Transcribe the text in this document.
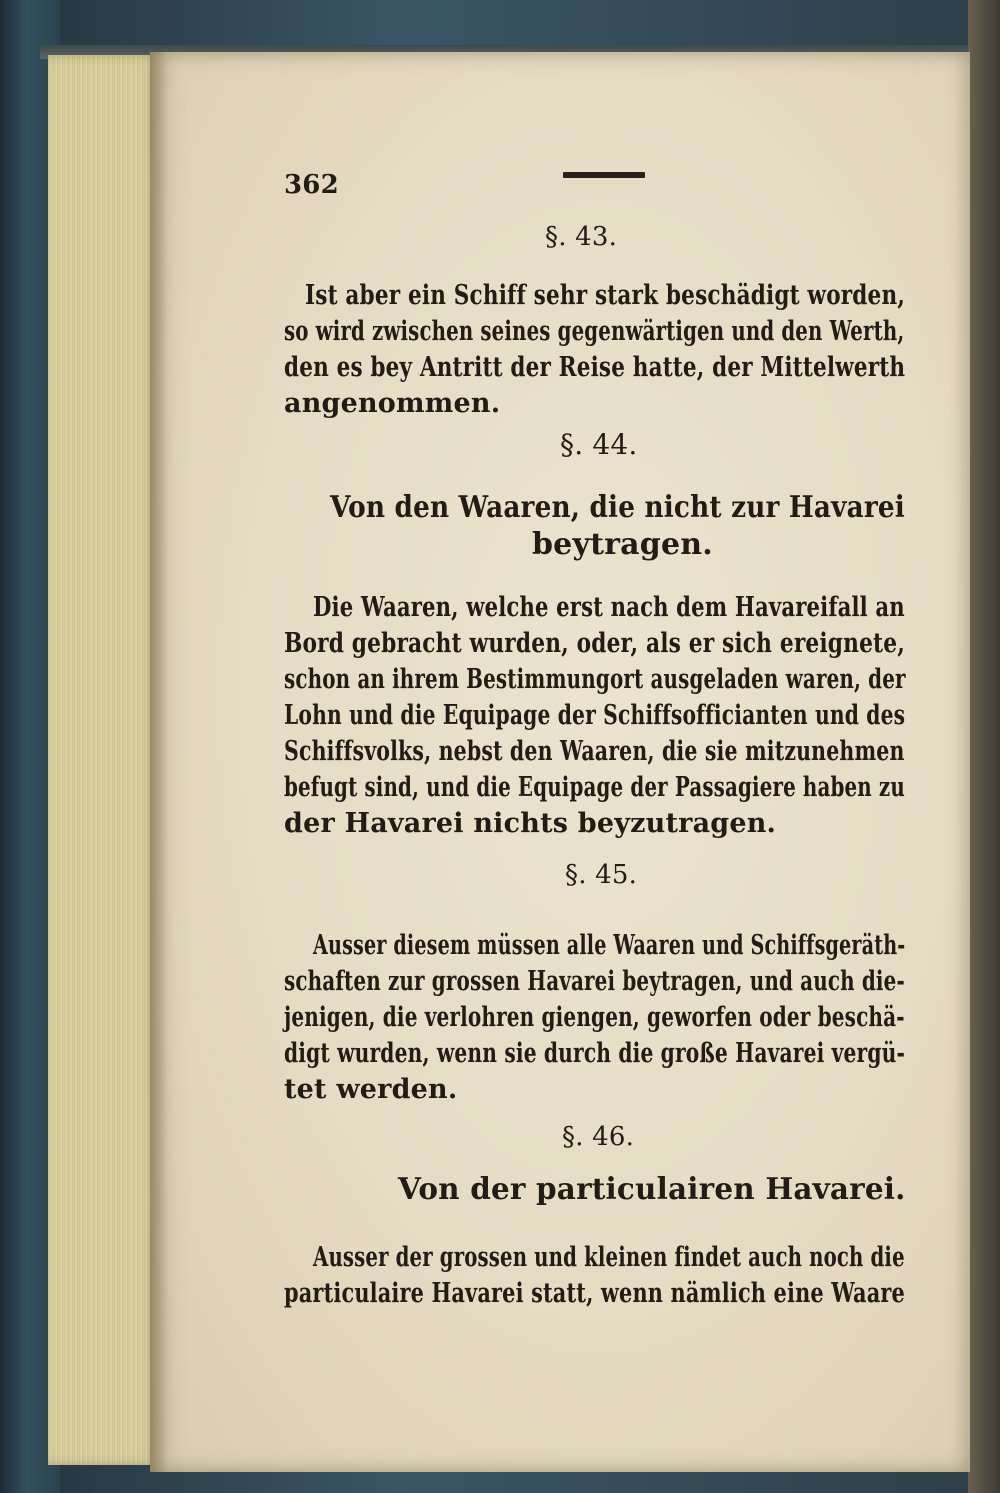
362
§. 43.
Ist aber ein Schiff sehr stark beschädigt worden,
so wird zwischen seines gegenwärtigen und den Werth,
den es bey Antritt der Reise hatte, der Mittelwerth
angenommen.
§. 44.
Von den Waaren, die nicht zur Havarei
beytragen.
Die Waaren, welche erst nach dem Havareifall an
Bord gebracht wurden, oder, als er sich ereignete,
schon an ihrem Bestimmungort ausgeladen waren, der
Lohn und die Equipage der Schiffsofficianten und des
Schiffsvolks, nebst den Waaren, die sie mitzunehmen
befugt sind, und die Equipage der Passagiere haben zu
der Havarei nichts beyzutragen.
§. 45.
Ausser diesem müssen alle Waaren und Schiffsgeräth-
schaften zur grossen Havarei beytragen, und auch die-
jenigen, die verlohren giengen, geworfen oder beschä-
digt wurden, wenn sie durch die große Havarei vergü-
tet werden.
§. 46.
Von der particulairen Havarei.
Ausser der grossen und kleinen findet auch noch die
particulaire Havarei statt, wenn nämlich eine Waare
